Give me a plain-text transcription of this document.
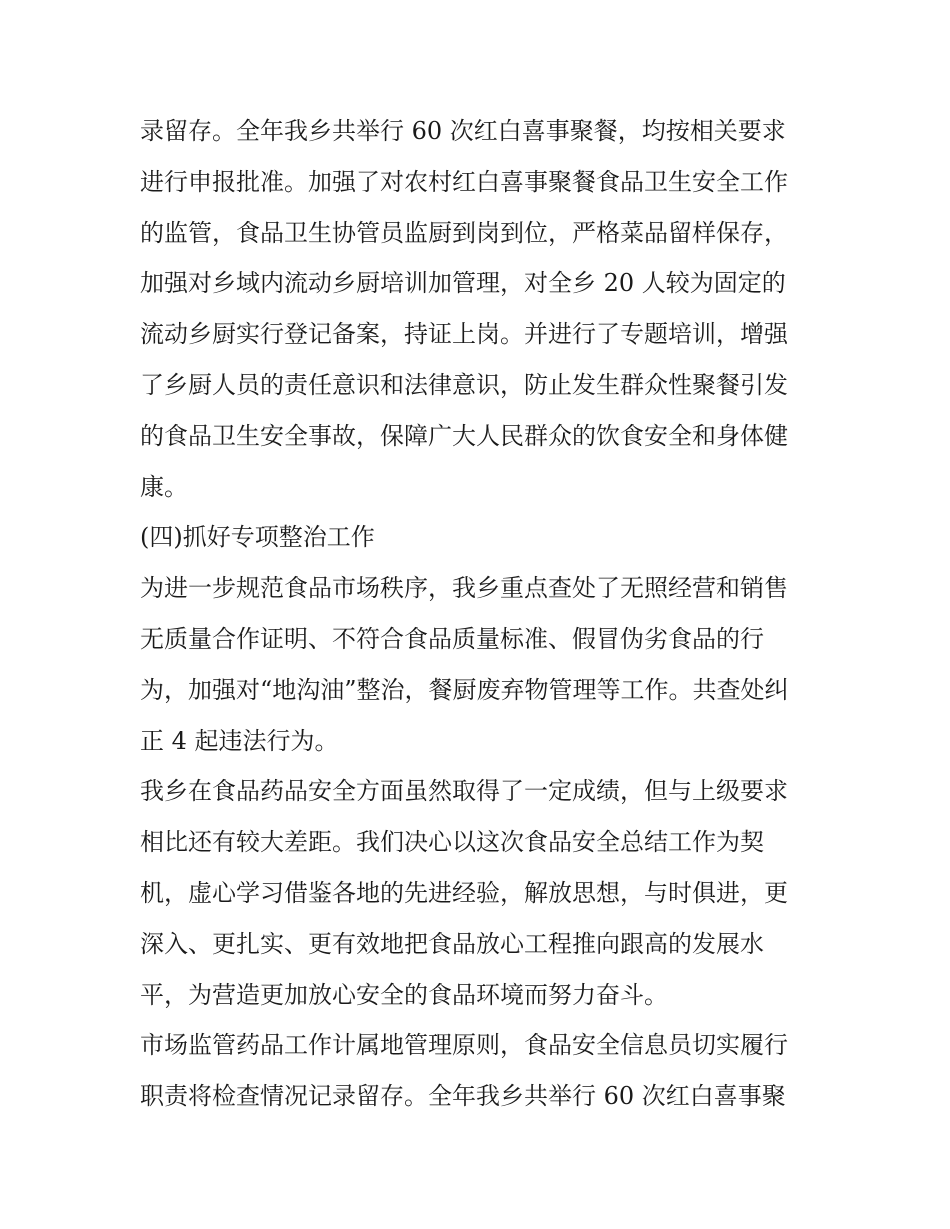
录留存。全年我乡共举行 60 次红白喜事聚餐，均按相关要求
进行申报批准。加强了对农村红白喜事聚餐食品卫生安全工作
的监管，食品卫生协管员监厨到岗到位，严格菜品留样保存，
加强对乡域内流动乡厨培训加管理，对全乡 20 人较为固定的
流动乡厨实行登记备案，持证上岗。并进行了专题培训，增强
了乡厨人员的责任意识和法律意识，防止发生群众性聚餐引发
的食品卫生安全事故，保障广大人民群众的饮食安全和身体健
康。
(四)抓好专项整治工作
为进一步规范食品市场秩序，我乡重点查处了无照经营和销售
无质量合作证明、不符合食品质量标准、假冒伪劣食品的行
为，加强对“地沟油”整治，餐厨废弃物管理等工作。共查处纠
正 4 起违法行为。
我乡在食品药品安全方面虽然取得了一定成绩，但与上级要求
相比还有较大差距。我们决心以这次食品安全总结工作为契
机，虚心学习借鉴各地的先进经验，解放思想，与时俱进，更
深入、更扎实、更有效地把食品放心工程推向跟高的发展水
平，为营造更加放心安全的食品环境而努力奋斗。
市场监管药品工作计属地管理原则，食品安全信息员切实履行
职责将检查情况记录留存。全年我乡共举行 60 次红白喜事聚
